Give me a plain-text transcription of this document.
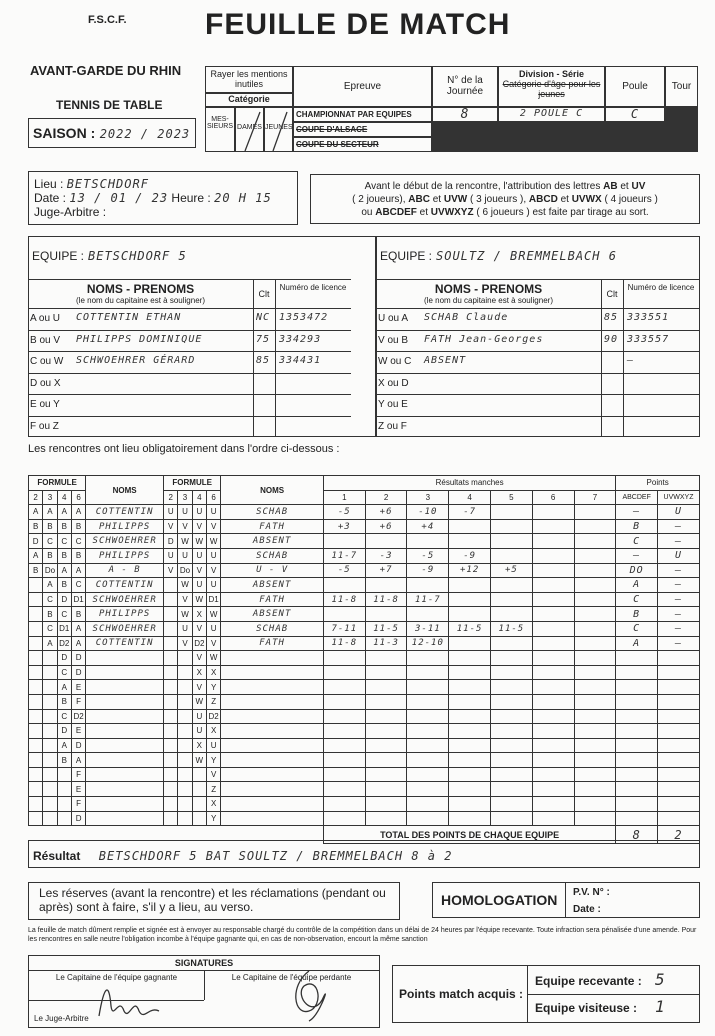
F.S.C.F.	FEUILLE DE MATCH
AVANT-GARDE DU RHIN
TENNIS DE TABLE
SAISON : 2022 / 2023
Rayer les mentions inutiles
Catégorie
MES-SIEURS DAMES JEUNES
Epreuve
CHAMPIONNAT PAR EQUIPES
COUPE D'ALSACE
COUPE DU SECTEUR
N° de la Journée
8
Division - Série
Catégorie d'âge pour les jeunes
2 POULE C
Poule
C
Tour
Lieu : BETSCHDORF
Date : 13 / 01 / 23 Heure : 20 H 15
Juge-Arbitre :
Avant le début de la rencontre, l'attribution des lettres AB et UV
( 2 joueurs), ABC et UVW ( 3 joueurs ), ABCD et UVWX ( 4 joueurs )
ou ABCDEF et UVWXYZ ( 6 joueurs ) est faite par tirage au sort.
EQUIPE : BETSCHDORF 5
NOMS - PRENOMS
(le nom du capitaine est à souligner)
Clt
Numéro de licence
A ou U COTTENTIN ETHAN	NC 1353472
B ou V PHILIPPS DOMINIQUE	75 334293
C ou W SCHWOEHRER GÉRARD	85 334431
D ou X
E ou Y
F ou Z
EQUIPE : SOULTZ / BREMMELBACH 6
NOMS - PRENOMS
(le nom du capitaine est à souligner)
Clt
Numéro de licence
U ou A SCHAB Claude	85 333551
V ou B FATH Jean-Georges	90 333557
W ou C ABSENT	—
X ou D
Y ou E
Z ou F
Les rencontres ont lieu obligatoirement dans l'ordre ci-dessous :
FORMULE				NOMS	FORMULE				NOMS	Résultats manches							Points	
2	3	4	6		2	3	4	6		1	2	3	4	5	6	7	ABCDEF	UVWXYZ
A	A	A	A	COTTENTIN	U	U	U	U	SCHAB	-5	+6	-10	-7				—	U
B	B	B	B	PHILIPPS	V	V	V	V	FATH	+3	+6	+4					B	—
D	C	C	C	SCHWOEHRER	D	W	W	W	ABSENT								C	—
A	B	B	B	PHILIPPS	U	U	U	U	SCHAB	11-7	-3	-5	-9				—	U
B	Do	A	A	A - B	V	Do	V	V	U - V	-5	+7	-9	+12	+5			DO	—
	A	B	C	COTTENTIN		W	U	U	ABSENT								A	—
	C	D	D1	SCHWOEHRER		V	W	D1	FATH	11-8	11-8	11-7					C	—
	B	C	B	PHILIPPS		W	X	W	ABSENT								B	—
	C	D1	A	SCHWOEHRER		U	V	U	SCHAB	7-11	11-5	3-11	11-5	11-5			C	—
	A	D2	A	COTTENTIN		V	D2	V	FATH	11-8	11-3	12-10					A	—
		D	D				V	W										
		C	D				X	X										
		A	E				V	Y										
		B	F				W	Z										
		C	D2				U	D2										
		D	E				U	X										
		A	D				X	U										
		B	A				W	Y										
			F					V										
			E					Z										
			F					X										
			D					Y										
										TOTAL DES POINTS DE CHAQUE EQUIPE							8	2
Résultat BETSCHDORF 5 BAT SOULTZ / BREMMELBACH 8 à 2
Les réserves (avant la rencontre) et les réclamations (pendant ou après) sont à faire, s'il y a lieu, au verso.	HOMOLOGATION P.V. N° :
Date :
La feuille de match dûment remplie et signée est à envoyer au responsable chargé du contrôle de la compétition dans un délai de 24 heures par l'équipe recevante. Toute infraction sera pénalisée d'une amende. Pour les rencontres en salle neutre l'obligation incombe à l'équipe gagnante qui, en cas de non-observation, encourt la même sanction
SIGNATURES
Le Capitaine de l'équipe gagnante	Le Capitaine de l'équipe perdante
Le Juge-Arbitre
Points match acquis :
Equipe recevante : 5
Equipe visiteuse : 1
